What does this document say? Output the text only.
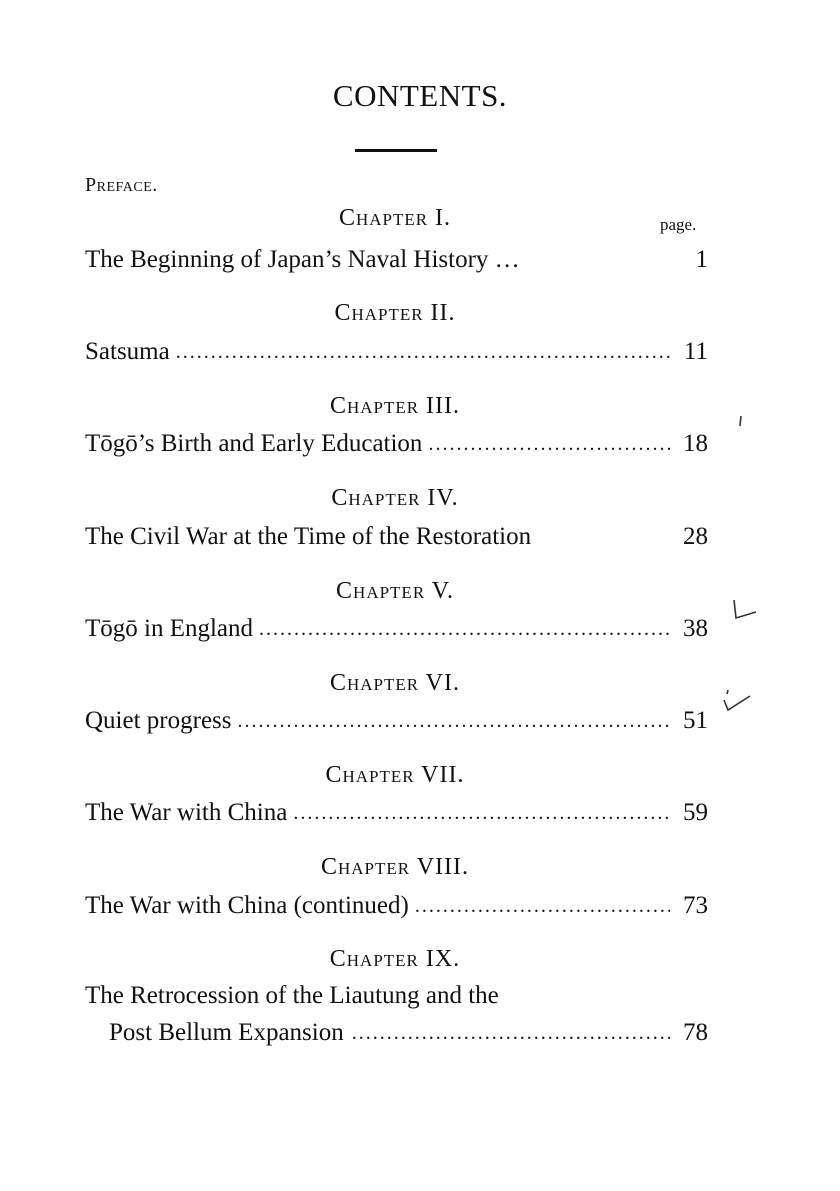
CONTENTS.
Preface.
page.
Chapter I.
The Beginning of Japan’s Naval History …	1
Chapter II.
Satsuma .....	11
Chapter III.
Tōgō’s Birth and Early Education .....	18
Chapter IV.
The Civil War at the Time of the Restoration	28
Chapter V.
Tōgō in England .....	38
Chapter VI.
Quiet progress .....	51
Chapter VII.
The War with China .....	59
Chapter VIII.
The War with China (continued) .....	73
Chapter IX.
The Retrocession of the Liautung and the
Post Bellum Expansion .....	78
